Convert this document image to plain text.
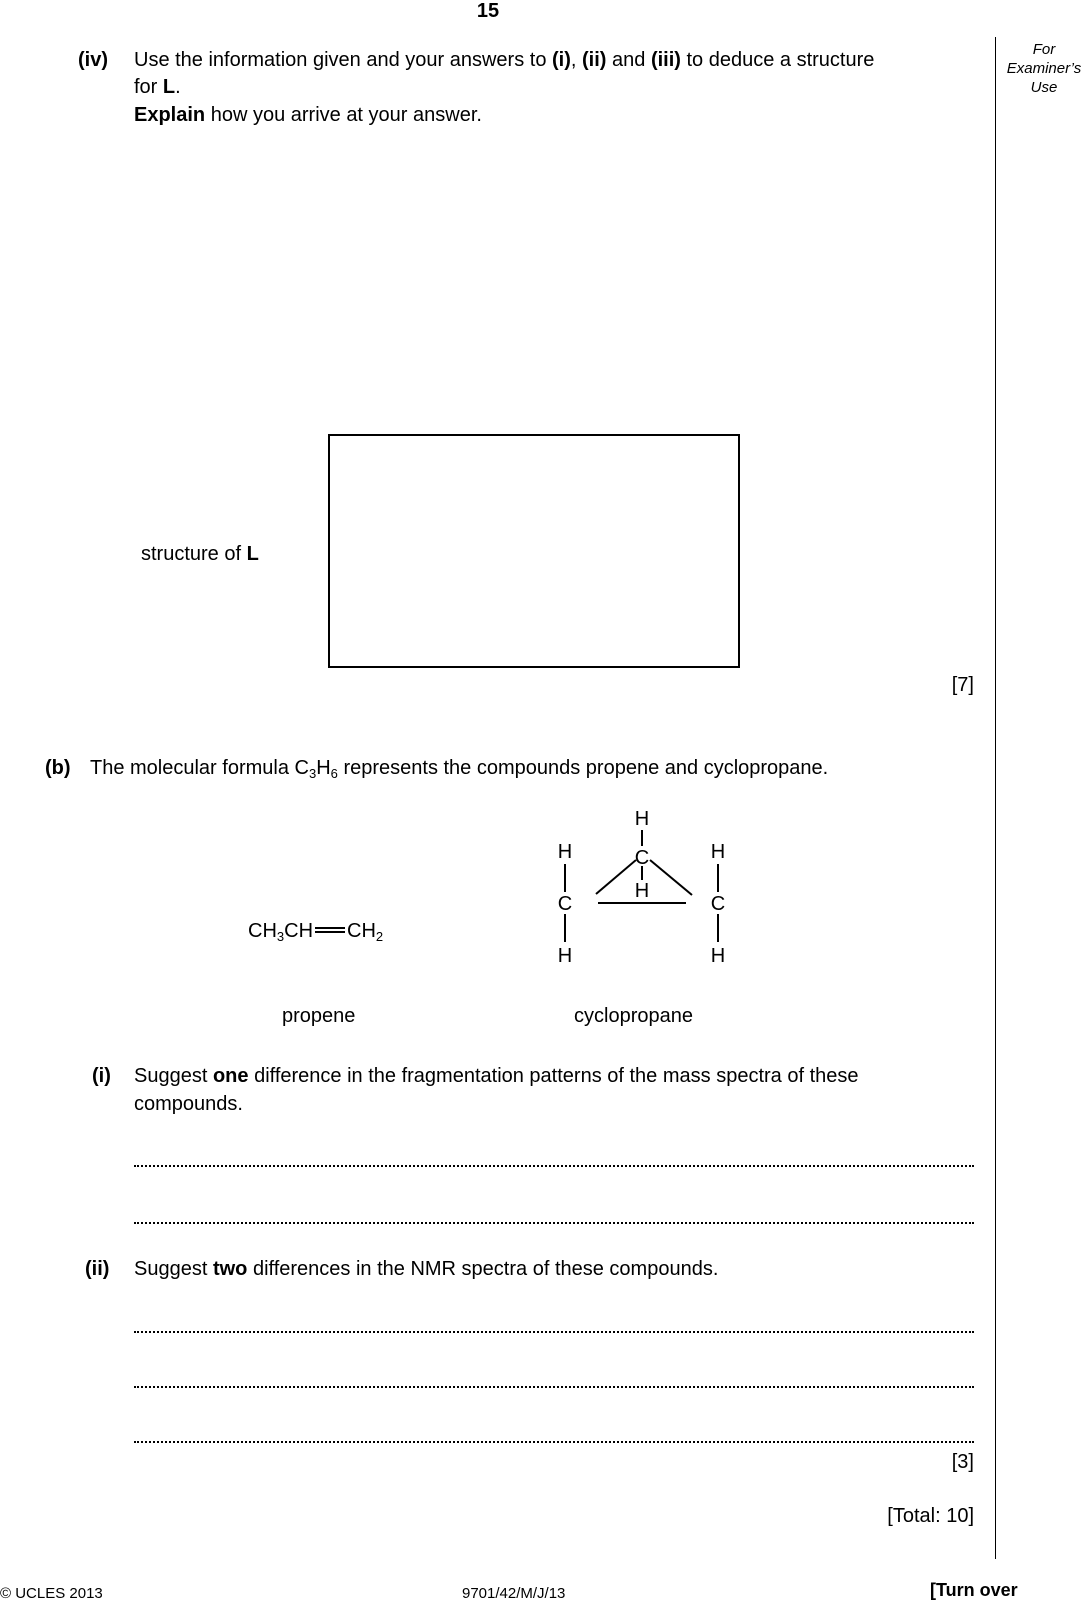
15
For
Examiner’s
Use
(iv) Use the information given and your answers to (i), (ii) and (iii) to deduce a structure
for L.
Explain how you arrive at your answer.
structure of L
[7]
(b) The molecular formula $C_3H_6$ represents the compounds propene and cyclopropane.
$CH_3CH$ $CH_2$
propene
H
C
H
H
C
H
H
C
H
cyclopropane
(i) Suggest one difference in the fragmentation patterns of the mass spectra of these
compounds.
(ii) Suggest two differences in the NMR spectra of these compounds.
[3]
[Total: 10]
© UCLES 2013	9701/42/M/J/13	[Turn over
